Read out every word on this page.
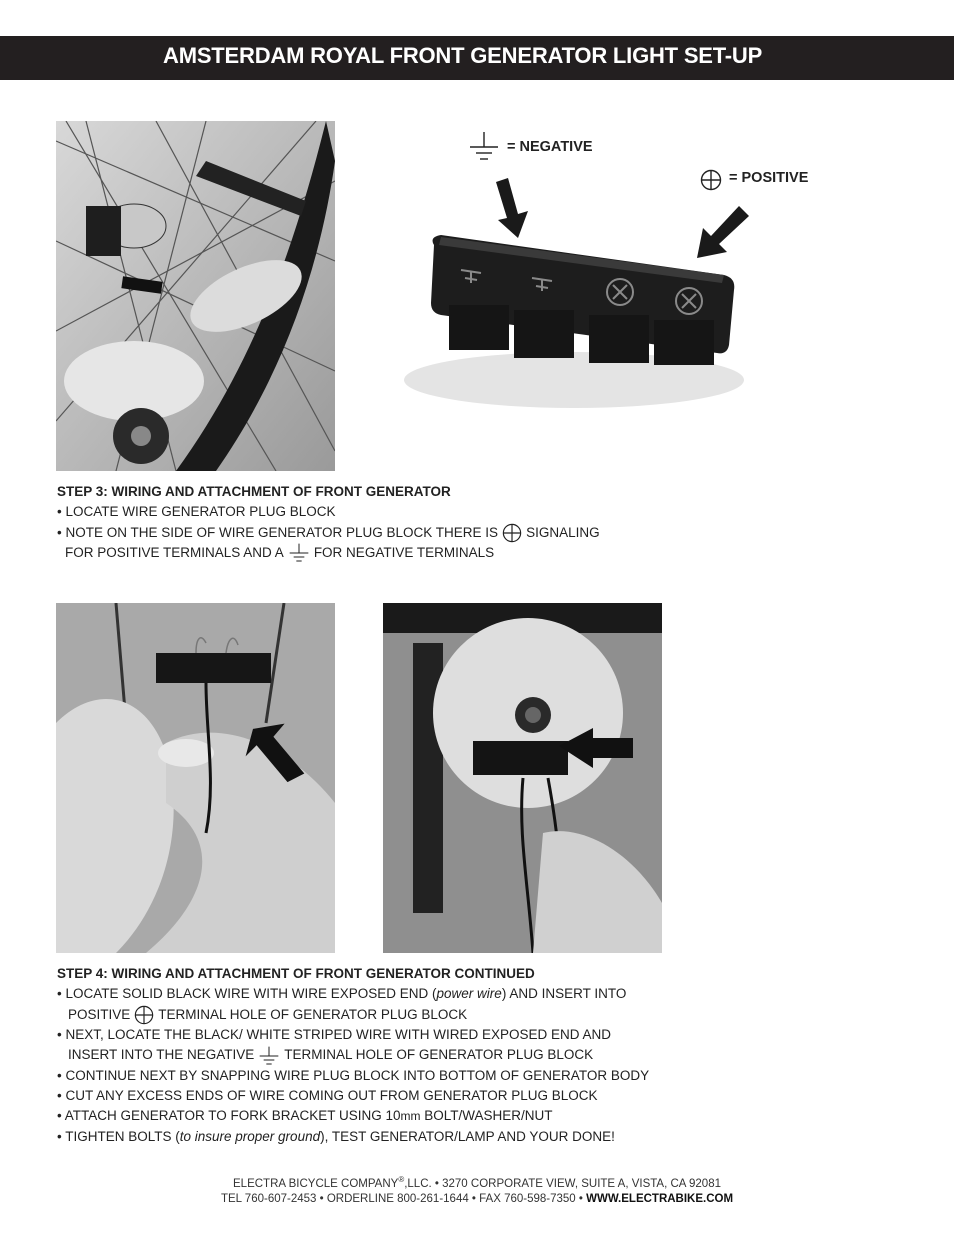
AMSTERDAM ROYAL FRONT GENERATOR LIGHT SET-UP
= NEGATIVE
= POSITIVE
STEP 3: WIRING AND ATTACHMENT OF FRONT GENERATOR
• LOCATE WIRE GENERATOR PLUG BLOCK
• NOTE ON THE SIDE OF WIRE GENERATOR PLUG BLOCK THERE IS SIGNALING
FOR POSITIVE TERMINALS AND A FOR NEGATIVE TERMINALS
STEP 4: WIRING AND ATTACHMENT OF FRONT GENERATOR CONTINUED
• LOCATE SOLID BLACK WIRE WITH WIRE EXPOSED END (power wire) AND INSERT INTO
POSITIVE TERMINAL HOLE OF GENERATOR PLUG BLOCK
• NEXT, LOCATE THE BLACK/ WHITE STRIPED WIRE WITH WIRED EXPOSED END AND
INSERT INTO THE NEGATIVE TERMINAL HOLE OF GENERATOR PLUG BLOCK
• CONTINUE NEXT BY SNAPPING WIRE PLUG BLOCK INTO BOTTOM OF GENERATOR BODY
• CUT ANY EXCESS ENDS OF WIRE COMING OUT FROM GENERATOR PLUG BLOCK
• ATTACH GENERATOR TO FORK BRACKET USING 10mm BOLT/WASHER/NUT
• TIGHTEN BOLTS (to insure proper ground), TEST GENERATOR/LAMP AND YOUR DONE!
ELECTRA BICYCLE COMPANY®,LLC. • 3270 CORPORATE VIEW, SUITE A, VISTA, CA 92081
TEL 760-607-2453 • ORDERLINE 800-261-1644 • FAX 760-598-7350 • WWW.ELECTRABIKE.COM
